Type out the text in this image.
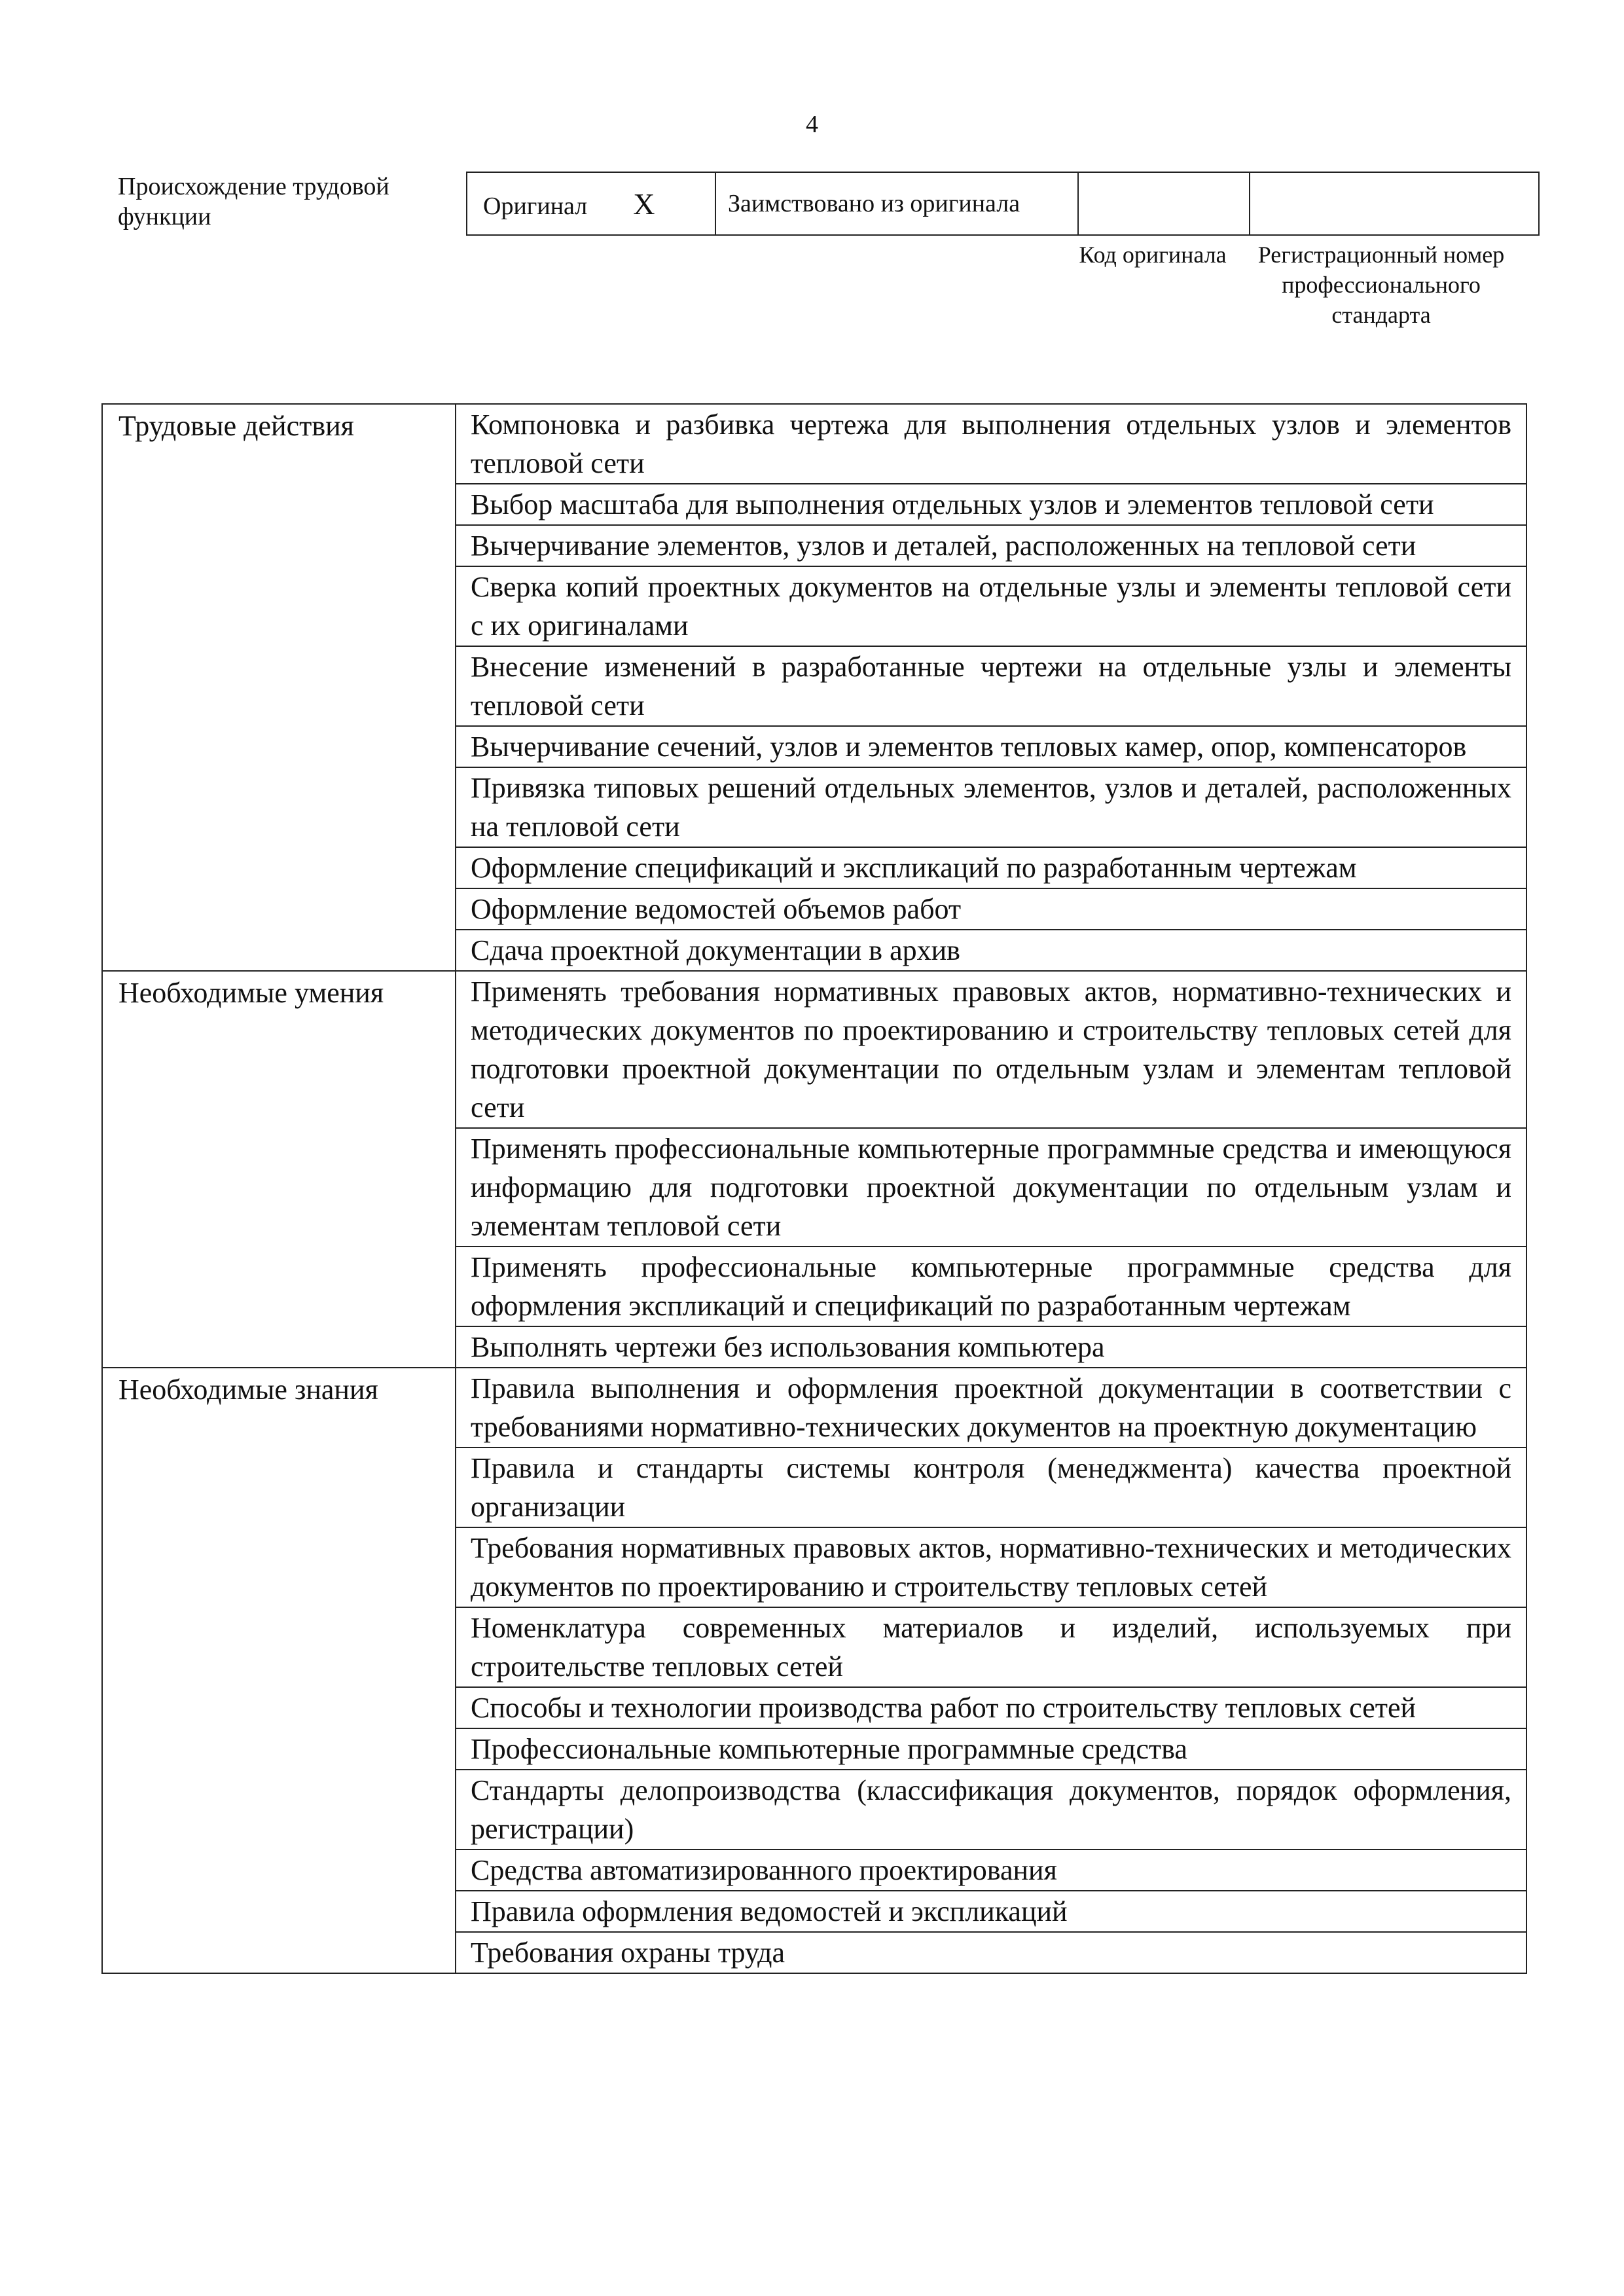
4
Происхождение трудовой функции	Оригинал X	Заимствовано из оригинала		
Код оригинала	Регистрационный номер профессионального стандарта
Трудовые действия	Компоновка и разбивка чертежа для выполнения отдельных узлов и элементов тепловой сети
	Выбор масштаба для выполнения отдельных узлов и элементов тепловой сети
	Вычерчивание элементов, узлов и деталей, расположенных на тепловой сети
	Сверка копий проектных документов на отдельные узлы и элементы тепловой сети с их оригиналами
	Внесение изменений в разработанные чертежи на отдельные узлы и элементы тепловой сети
	Вычерчивание сечений, узлов и элементов тепловых камер, опор, компенсаторов
	Привязка типовых решений отдельных элементов, узлов и деталей, расположенных на тепловой сети
	Оформление спецификаций и экспликаций по разработанным чертежам
	Оформление ведомостей объемов работ
	Сдача проектной документации в архив
Необходимые умения	Применять требования нормативных правовых актов, нормативно-технических и методических документов по проектированию и строительству тепловых сетей для подготовки проектной документации по отдельным узлам и элементам тепловой сети
	Применять профессиональные компьютерные программные средства и имеющуюся информацию для подготовки проектной документации по отдельным узлам и элементам тепловой сети
	Применять профессиональные компьютерные программные средства для оформления экспликаций и спецификаций по разработанным чертежам
	Выполнять чертежи без использования компьютера
Необходимые знания	Правила выполнения и оформления проектной документации в соответствии с требованиями нормативно-технических документов на проектную документацию
	Правила и стандарты системы контроля (менеджмента) качества проектной организации
	Требования нормативных правовых актов, нормативно-технических и методических документов по проектированию и строительству тепловых сетей
	Номенклатура современных материалов и изделий, используемых при строительстве тепловых сетей
	Способы и технологии производства работ по строительству тепловых сетей
	Профессиональные компьютерные программные средства
	Стандарты делопроизводства (классификация документов, порядок оформления, регистрации)
	Средства автоматизированного проектирования
	Правила оформления ведомостей и экспликаций
	Требования охраны труда
